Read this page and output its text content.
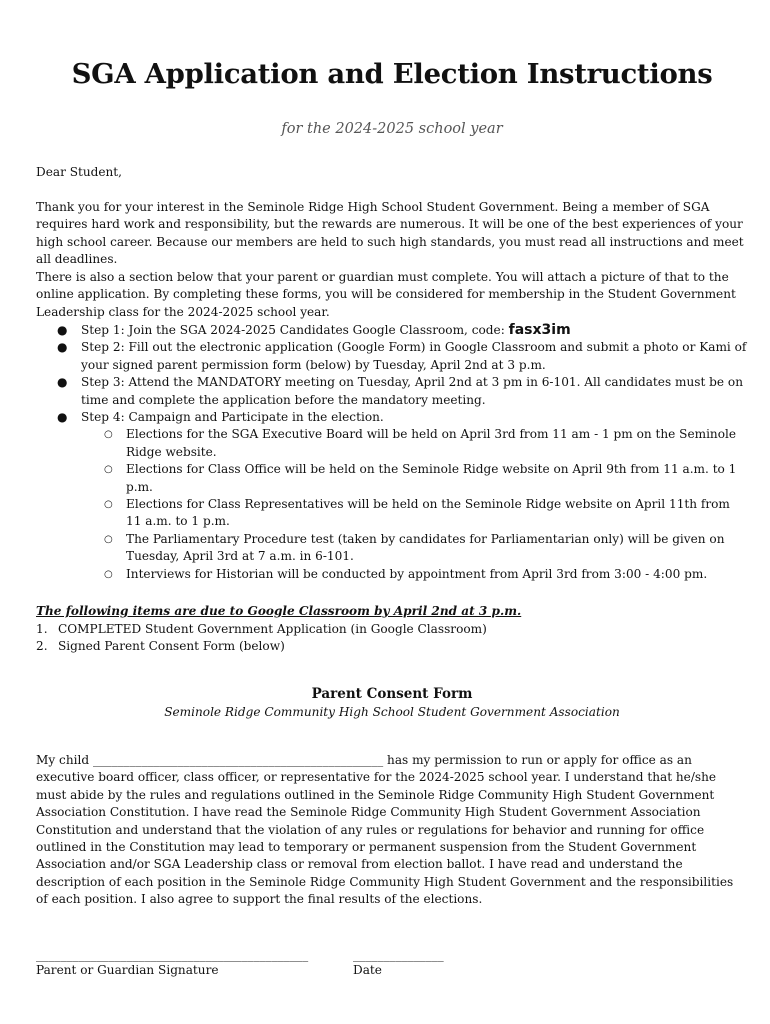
SGA Application and Election Instructions
for the 2024-2025 school year

Dear Student,

Thank you for your interest in the Seminole Ridge High School Student Government. Being a member of SGA requires hard work and responsibility, but the rewards are numerous. It will be one of the best experiences of your high school career. Because our members are held to such high standards, you must read all instructions and meet all deadlines.

There is also a section below that your parent or guardian must complete. You will attach a picture of that to the online application. By completing these forms, you will be considered for membership in the Student Government Leadership class for the 2024-2025 school year.

● Step 1: Join the SGA 2024-2025 Candidates Google Classroom, code: fasx3im
● Step 2: Fill out the electronic application (Google Form) in Google Classroom and submit a photo or Kami of your signed parent permission form (below) by Tuesday, April 2nd at 3 p.m.
● Step 3: Attend the MANDATORY meeting on Tuesday, April 2nd at 3 pm in 6-101. All candidates must be on time and complete the application before the mandatory meeting.
● Step 4: Campaign and Participate in the election.
○ Elections for the SGA Executive Board will be held on April 3rd from 11 am - 1 pm on the Seminole Ridge website.
○ Elections for Class Office will be held on the Seminole Ridge website on April 9th from 11 a.m. to 1 p.m.
○ Elections for Class Representatives will be held on the Seminole Ridge website on April 11th from 11 a.m. to 1 p.m.
○ The Parliamentary Procedure test (taken by candidates for Parliamentarian only) will be given on Tuesday, April 3rd at 7 a.m. in 6-101.
○ Interviews for Historian will be conducted by appointment from April 3rd from 3:00 - 4:00 pm.
The following items are due to Google Classroom by April 2nd at 3 p.m.
1. COMPLETED Student Government Application (in Google Classroom)
2. Signed Parent Consent Form (below)
Parent Consent Form
Seminole Ridge Community High School Student Government Association

My child ________________________________________________ has my permission to run or apply for office as an executive board officer, class officer, or representative for the 2024-2025 school year. I understand that he/she must abide by the rules and regulations outlined in the Seminole Ridge Community High Student Government Association Constitution. I have read the Seminole Ridge Community High Student Government Association Constitution and understand that the violation of any rules or regulations for behavior and running for office outlined in the Constitution may lead to temporary or permanent suspension from the Student Government Association and/or SGA Leadership class or removal from election ballot. I have read and understand the description of each position in the Seminole Ridge Community High Student Government and the responsibilities of each position. I also agree to support the final results of the elections.

_____________________________________________	_______________
Parent or Guardian Signature	Date
